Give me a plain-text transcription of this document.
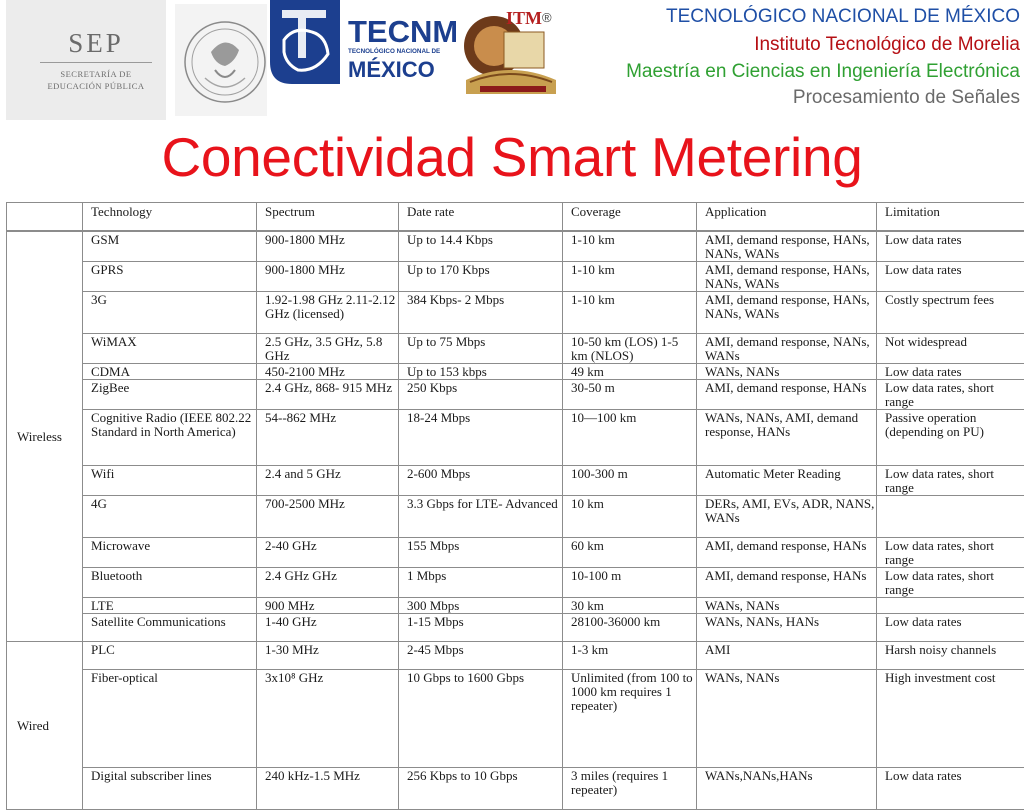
SEP
SECRETARÍA DE
EDUCACIÓN PÚBLICA
TECNM
TECNOLÓGICO NACIONAL DE
MÉXICO
ITM ®	TECNOLÓGICO NACIONAL DE MÉXICO
Instituto Tecnológico de Morelia
Maestría en Ciencias en Ingeniería Electrónica
Procesamiento de Señales
Conectividad Smart Metering
	Technology	Spectrum	Date rate	Coverage	Application	Limitation
Wireless	GSM	900-1800 MHz	Up to 14.4 Kbps	1-10 km	AMI, demand response, HANs, NANs, WANs	Low data rates
	GPRS	900-1800 MHz	Up to 170 Kbps	1-10 km	AMI, demand response, HANs, NANs, WANs	Low data rates
	3G	1.92-1.98 GHz 2.11-2.12 GHz (licensed)	384 Kbps- 2 Mbps	1-10 km	AMI, demand response, HANs, NANs, WANs	Costly spectrum fees
	WiMAX	2.5 GHz, 3.5 GHz, 5.8 GHz	Up to 75 Mbps	10-50 km (LOS) 1-5 km (NLOS)	AMI, demand response, NANs, WANs	Not widespread
	CDMA	450-2100 MHz	Up to 153 kbps	49 km	WANs, NANs	Low data rates
	ZigBee	2.4 GHz, 868- 915 MHz	250 Kbps	30-50 m	AMI, demand response, HANs	Low data rates, short range
	Cognitive Radio (IEEE 802.22 Standard in North America)	54--862 MHz	18-24 Mbps	10—100 km	WANs, NANs, AMI, demand response, HANs	Passive operation (depending on PU)
	Wifi	2.4 and 5 GHz	2-600 Mbps	100-300 m	Automatic Meter Reading	Low data rates, short range
	4G	700-2500 MHz	3.3 Gbps for LTE- Advanced	10 km	DERs, AMI, EVs, ADR, NANS, WANs	
	Microwave	2-40 GHz	155 Mbps	60 km	AMI, demand response, HANs	Low data rates, short range
	Bluetooth	2.4 GHz GHz	1 Mbps	10-100 m	AMI, demand response, HANs	Low data rates, short range
	LTE	900 MHz	300 Mbps	30 km	WANs, NANs	
	Satellite Communications	1-40 GHz	1-15 Mbps	28100-36000 km	WANs, NANs, HANs	Low data rates
Wired	PLC	1-30 MHz	2-45 Mbps	1-3 km	AMI	Harsh noisy channels
	Fiber-optical	3x10⁸ GHz	10 Gbps to 1600 Gbps	Unlimited (from 100 to 1000 km requires 1 repeater)	WANs, NANs	High investment cost
	Digital subscriber lines	240 kHz-1.5 MHz	256 Kbps to 10 Gbps	3 miles (requires 1 repeater)	WANs,NANs,HANs	Low data rates
